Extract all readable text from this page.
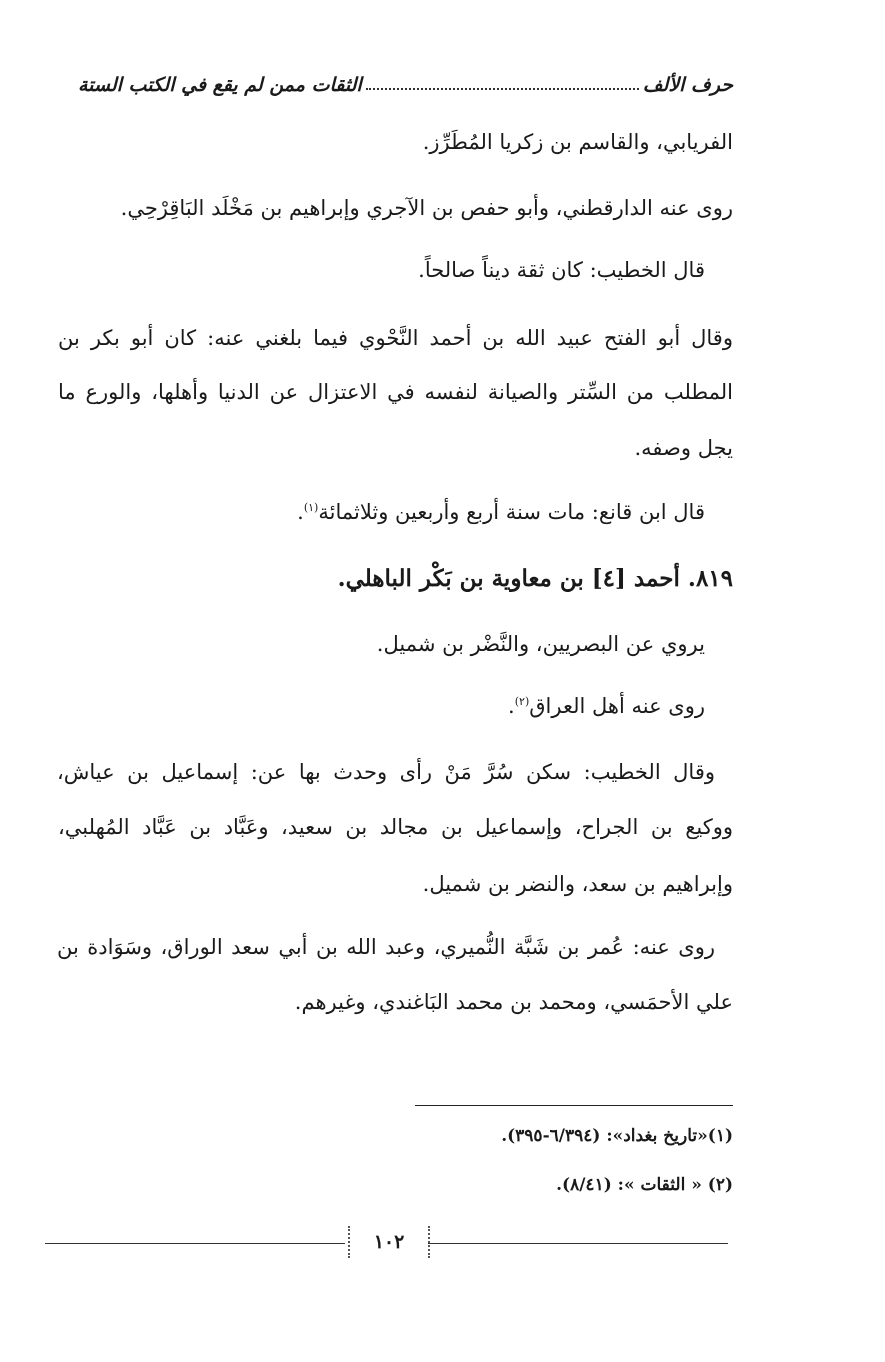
حرف الألف
الثقات ممن لم يقع في الكتب الستة
الفريابي، والقاسم بن زكريا المُطَرِّز.
روى عنه الدارقطني، وأبو حفص بن الآجري وإبراهيم بن مَخْلَد البَاقِرْحِي.
قال الخطيب: كان ثقة ديناً صالحاً.
وقال أبو الفتح عبيد الله بن أحمد النَّحْوي فيما بلغني عنه: كان أبو بكر بن
المطلب من السِّتر والصيانة لنفسه في الاعتزال عن الدنيا وأهلها، والورع ما
يجل وصفه.
قال ابن قانع: مات سنة أربع وأربعين وثلاثمائة$^{(١)}$.
٨١٩. أحمد [٤] بن معاوية بن بَكْر الباهلي.
يروي عن البصريين، والنَّضْر بن شميل.
روى عنه أهل العراق$^{(٢)}$.
وقال الخطيب: سكن سُرَّ مَنْ رأى وحدث بها عن: إسماعيل بن عياش،
ووكيع بن الجراح، وإسماعيل بن مجالد بن سعيد، وعَبَّاد بن عَبَّاد المُهلبي،
وإبراهيم بن سعد، والنضر بن شميل.
روى عنه: عُمر بن شَبَّة النُّميري، وعبد الله بن أبي سعد الوراق، وسَوَادة بن
علي الأحمَسي، ومحمد بن محمد البَاغندي، وغيرهم.
(١)«تاريخ بغداد»: (٦/٣٩٤-٣٩٥).
(٢) « الثقات »: (٨/٤١).
١٠٢
